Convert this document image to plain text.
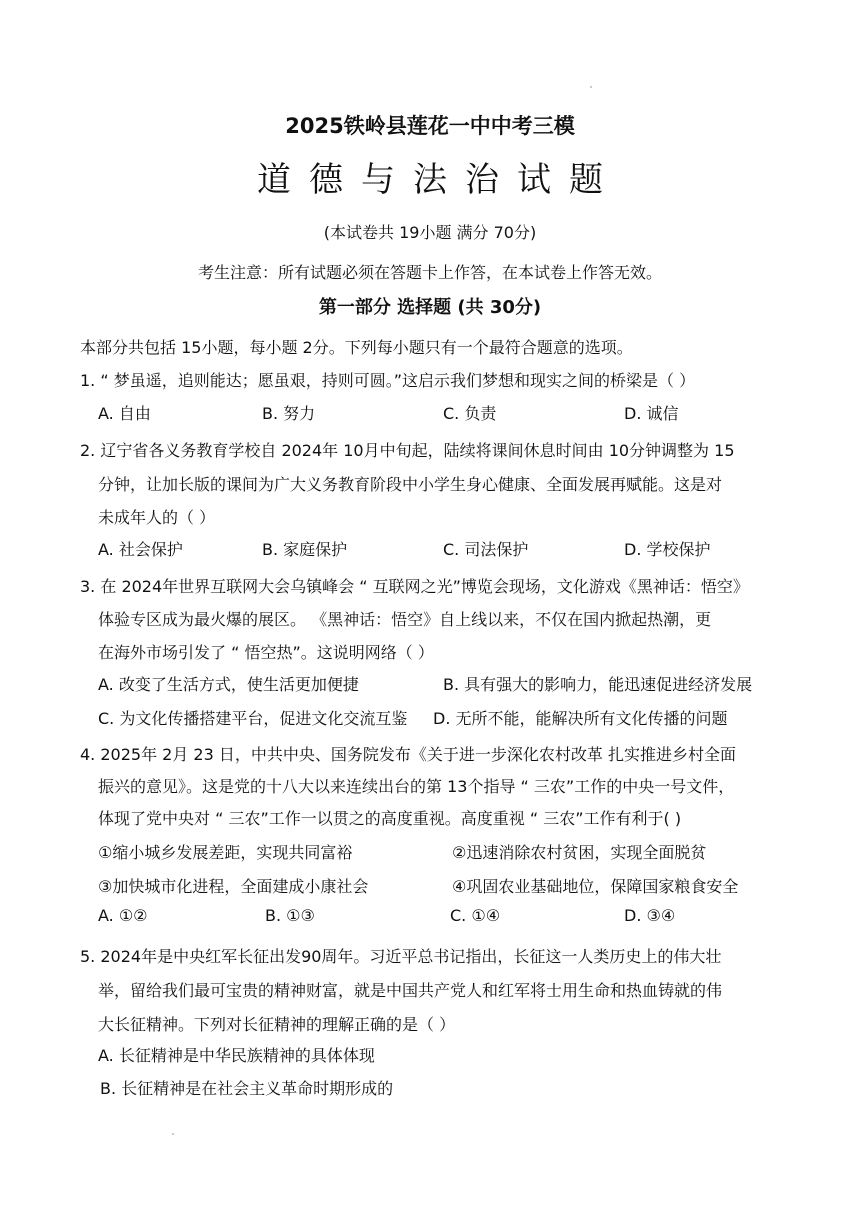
2025铁岭县莲花一中中考三模
道德与法治试题
(本试卷共 19小题 满分 70分)
考生注意：所有试题必须在答题卡上作答，在本试卷上作答无效。
第一部分 选择题 (共 30分)
本部分共包括 15小题，每小题 2分。下列每小题只有一个最符合题意的选项。
1. “ 梦虽遥，追则能达；愿虽艰，持则可圆。”这启示我们梦想和现实之间的桥梁是（ ）
A. 自由	B. 努力	C. 负责	D. 诚信
2. 辽宁省各义务教育学校自 2024年 10月中旬起，陆续将课间休息时间由 10分钟调整为 15
分钟，让加长版的课间为广大义务教育阶段中小学生身心健康、全面发展再赋能。这是对
未成年人的（ ）
A. 社会保护	B. 家庭保护	C. 司法保护	D. 学校保护
3. 在 2024年世界互联网大会乌镇峰会 “ 互联网之光”博览会现场，文化游戏《黑神话：悟空》
体验专区成为最火爆的展区。 《黑神话：悟空》自上线以来，不仅在国内掀起热潮，更
在海外市场引发了 “ 悟空热”。这说明网络（ ）
A. 改变了生活方式，使生活更加便捷	B. 具有强大的影响力，能迅速促进经济发展
C. 为文化传播搭建平台，促进文化交流互鉴 D. 无所不能，能解决所有文化传播的问题
4. 2025年 2月 23 日，中共中央、国务院发布《关于进一步深化农村改革 扎实推进乡村全面
振兴的意见》。这是党的十八大以来连续出台的第 13个指导 “ 三农”工作的中央一号文件，
体现了党中央对 “ 三农”工作一以贯之的高度重视。高度重视 “ 三农”工作有利于( )
①缩小城乡发展差距，实现共同富裕	②迅速消除农村贫困，实现全面脱贫
③加快城市化进程，全面建成小康社会	④巩固农业基础地位，保障国家粮食安全
A. ①②	B. ①③	C. ①④	D. ③④
5. 2024年是中央红军长征出发90周年。习近平总书记指出，长征这一人类历史上的伟大壮
举，留给我们最可宝贵的精神财富，就是中国共产党人和红军将士用生命和热血铸就的伟
大长征精神。下列对长征精神的理解正确的是（ ）
A. 长征精神是中华民族精神的具体体现
B. 长征精神是在社会主义革命时期形成的
